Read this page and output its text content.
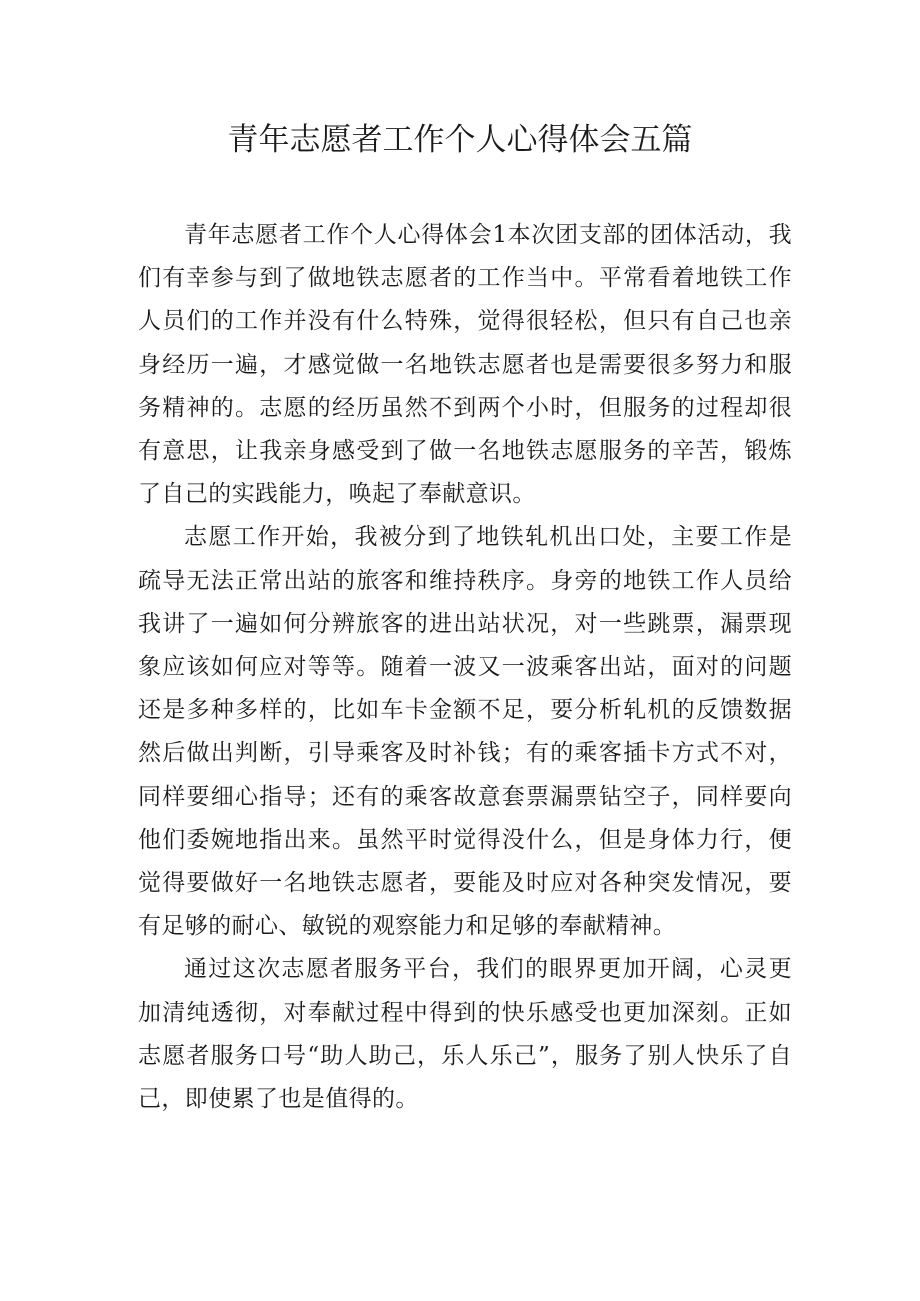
青年志愿者工作个人心得体会五篇

青年志愿者工作个人心得体会1本次团支部的团体活动，我们有幸参与到了做地铁志愿者的工作当中。平常看着地铁工作人员们的工作并没有什么特殊，觉得很轻松，但只有自己也亲身经历一遍，才感觉做一名地铁志愿者也是需要很多努力和服务精神的。志愿的经历虽然不到两个小时，但服务的过程却很有意思，让我亲身感受到了做一名地铁志愿服务的辛苦，锻炼了自己的实践能力，唤起了奉献意识。

志愿工作开始，我被分到了地铁轧机出口处，主要工作是疏导无法正常出站的旅客和维持秩序。身旁的地铁工作人员给我讲了一遍如何分辨旅客的进出站状况，对一些跳票，漏票现象应该如何应对等等。随着一波又一波乘客出站，面对的问题还是多种多样的，比如车卡金额不足，要分析轧机的反馈数据然后做出判断，引导乘客及时补钱；有的乘客插卡方式不对，同样要细心指导；还有的乘客故意套票漏票钻空子，同样要向他们委婉地指出来。虽然平时觉得没什么，但是身体力行，便觉得要做好一名地铁志愿者，要能及时应对各种突发情况，要有足够的耐心、敏锐的观察能力和足够的奉献精神。

通过这次志愿者服务平台，我们的眼界更加开阔，心灵更加清纯透彻，对奉献过程中得到的快乐感受也更加深刻。正如志愿者服务口号“助人助己，乐人乐己”，服务了别人快乐了自己，即使累了也是值得的。
